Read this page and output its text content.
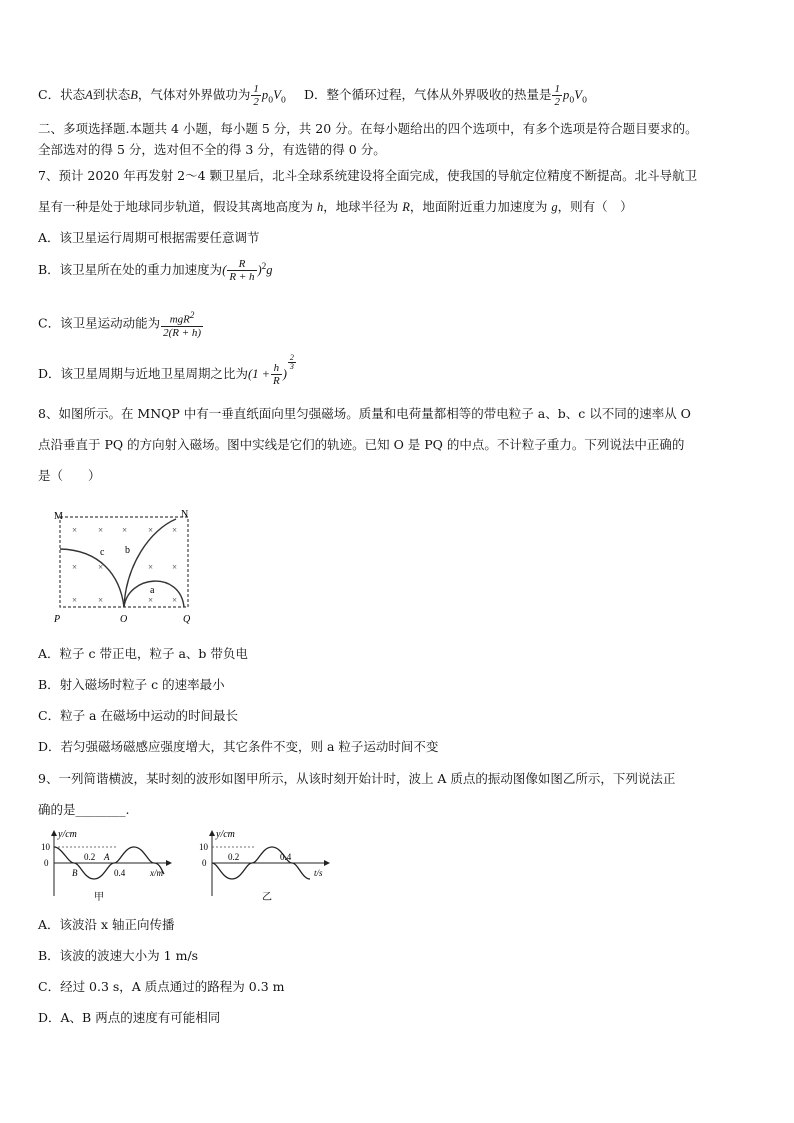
C．状态A到状态B，气体对外界做功为 $\frac{1}{2} p_0V_0$ D．整个循环过程，气体从外界吸收的热量是 $\frac{1}{2} p_0V_0$
二、多项选择题.本题共 4 小题，每小题 5 分，共 20 分。在每小题给出的四个选项中，有多个选项是符合题目要求的。
全部选对的得 5 分，选对但不全的得 3 分，有选错的得 0 分。
7、预计 2020 年再发射 2～4 颗卫星后，北斗全球系统建设将全面完成，使我国的导航定位精度不断提高。北斗导航卫
星有一种是处于地球同步轨道，假设其离地高度为 h，地球半径为 R，地面附近重力加速度为 g，则有（　）
A．该卫星运行周期可根据需要任意调节
B．该卫星所在处的重力加速度为( $\frac{R}{R + h} )^2g$
C．该卫星运动动能为 $\frac{mgR^2}{2(R + h)}$
D．该卫星周期与近地卫星周期之比为($1 + \frac{h}{R}$ )
$\frac{2}{3}$
8、如图所示。在 MNQP 中有一垂直纸面向里匀强磁场。质量和电荷量都相等的带电粒子 a、b、c 以不同的速率从 O
点沿垂直于 PQ 的方向射入磁场。图中实线是它们的轨迹。已知 O 是 PQ 的中点。不计粒子重力。下列说法中正确的
是（　　）
M	N
P	O	Q
× × × × ×
× ×	× ×
× ×	× ×
c b
a
A．粒子 c 带正电，粒子 a、b 带负电
B．射入磁场时粒子 c 的速率最小
C．粒子 a 在磁场中运动的时间最长
D．若匀强磁场磁感应强度增大，其它条件不变，则 a 粒子运动时间不变
9、一列简谐横波，某时刻的波形如图甲所示，从该时刻开始计时，波上 A 质点的振动图像如图乙所示，下列说法正
确的是________.
y/cm
10
0
0.2 A
B	0.4	x/m
甲
y/cm
10
0
0.2	0.4
t/s
乙
A．该波沿 x 轴正向传播
B．该波的波速大小为 1 m/s
C．经过 0.3 s，A 质点通过的路程为 0.3 m
D．A、B 两点的速度有可能相同
